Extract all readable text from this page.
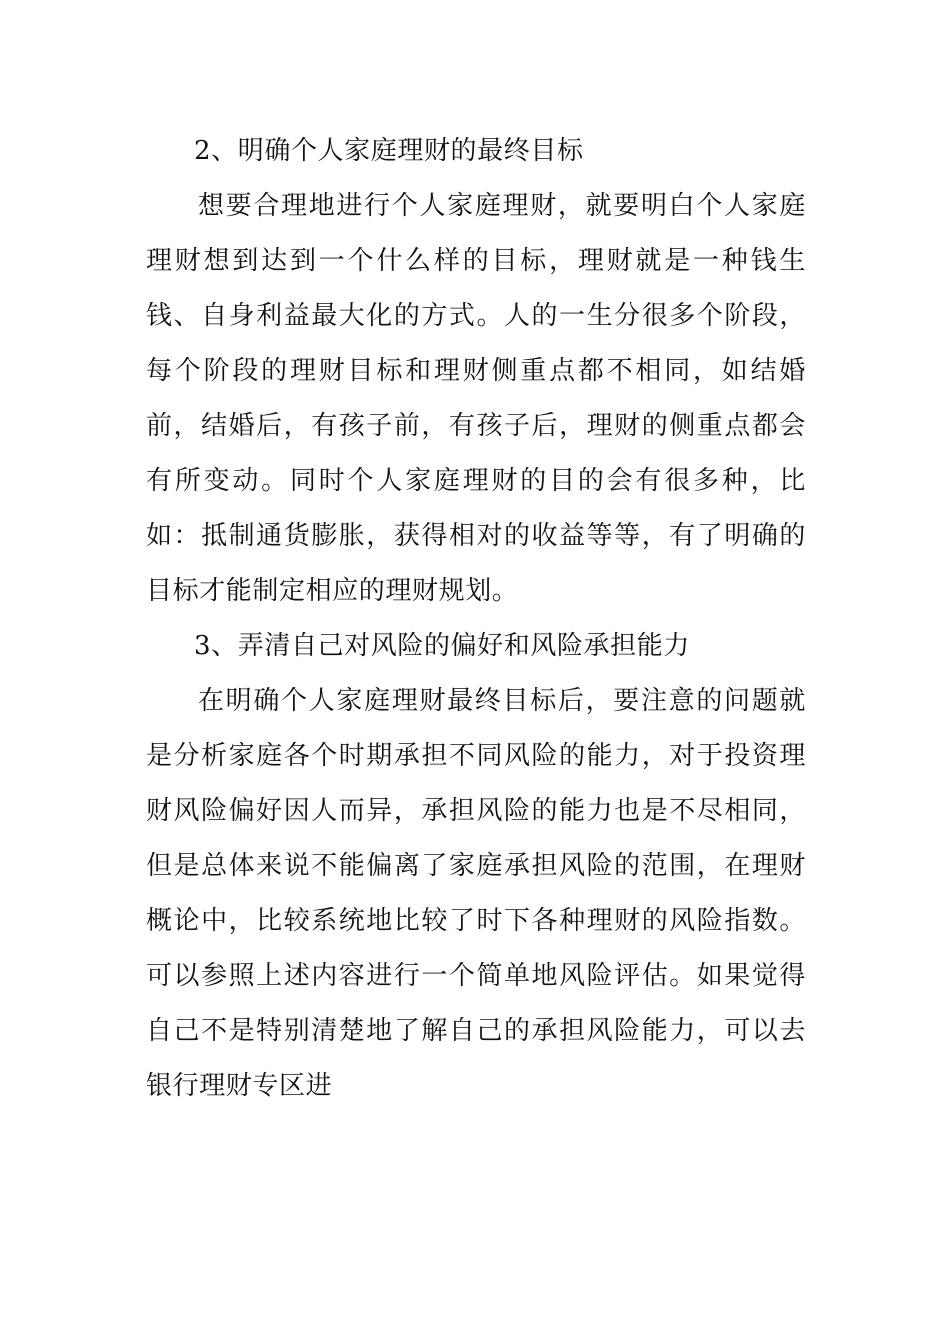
2、明确个人家庭理财的最终目标

想要合理地进行个人家庭理财，就要明白个人家庭理财想到达到一个什么样的目标，理财就是一种钱生钱、自身利益最大化的方式。人的一生分很多个阶段，每个阶段的理财目标和理财侧重点都不相同，如结婚前，结婚后，有孩子前，有孩子后，理财的侧重点都会有所变动。同时个人家庭理财的目的会有很多种，比如：抵制通货膨胀，获得相对的收益等等，有了明确的目标才能制定相应的理财规划。

3、弄清自己对风险的偏好和风险承担能力

在明确个人家庭理财最终目标后，要注意的问题就是分析家庭各个时期承担不同风险的能力，对于投资理财风险偏好因人而异，承担风险的能力也是不尽相同，但是总体来说不能偏离了家庭承担风险的范围，在理财概论中，比较系统地比较了时下各种理财的风险指数。可以参照上述内容进行一个简单地风险评估。如果觉得自己不是特别清楚地了解自己的承担风险能力，可以去银行理财专区进
